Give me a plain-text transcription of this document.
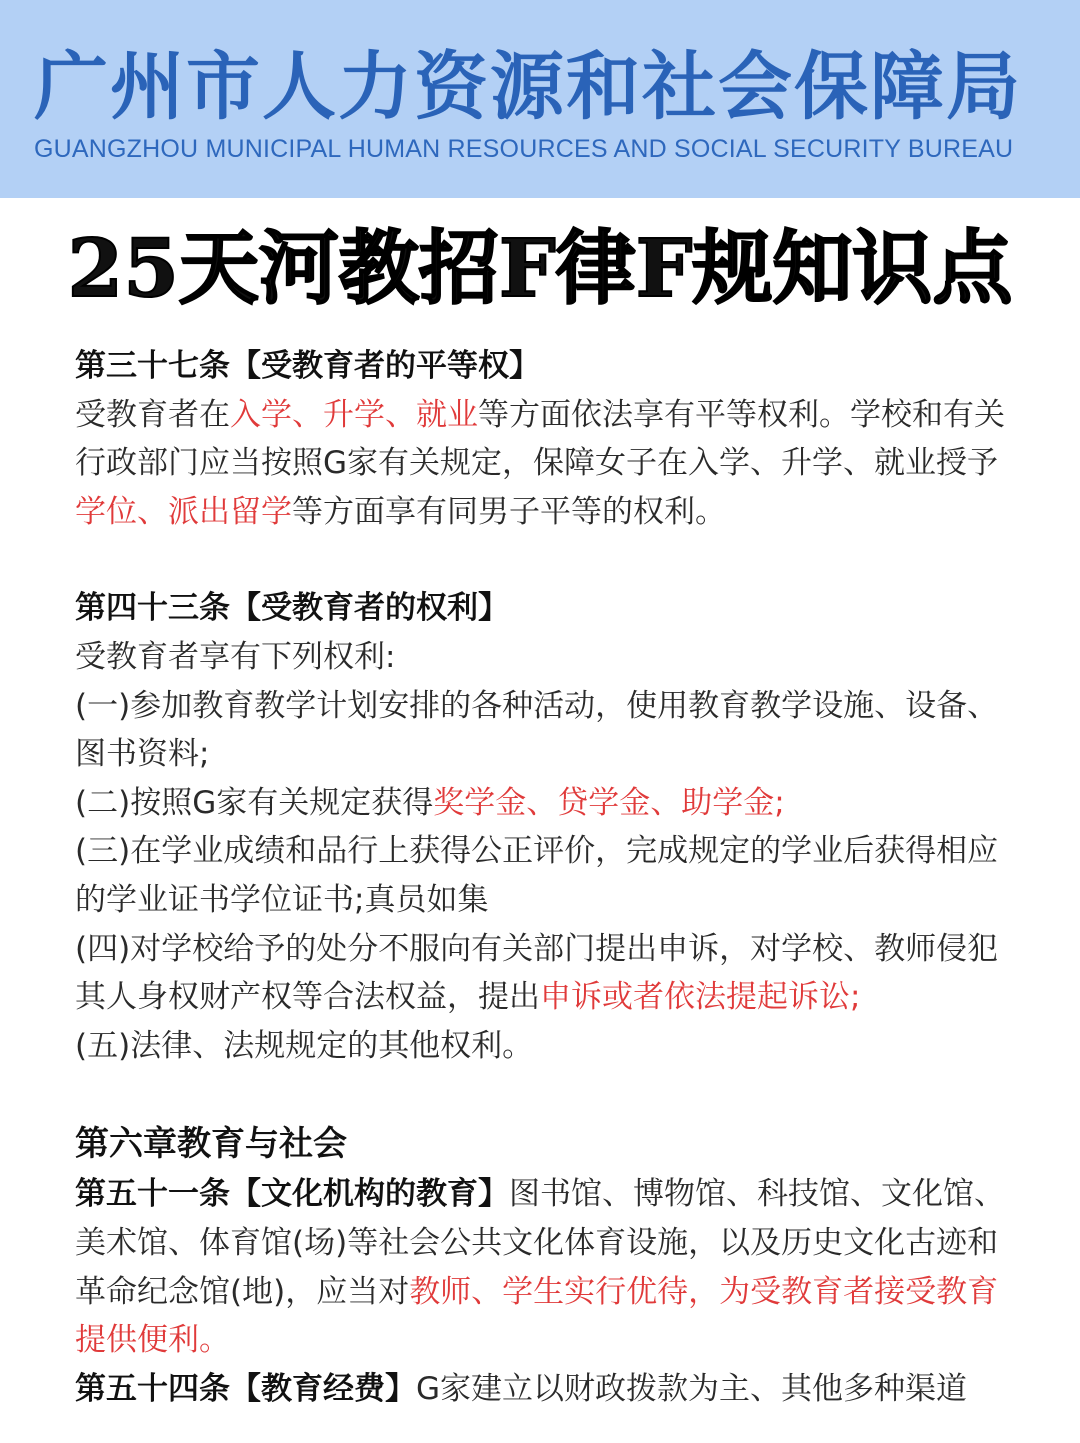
广州市人力资源和社会保障局
GUANGZHOU MUNICIPAL HUMAN RESOURCES AND SOCIAL SECURITY BUREAU
25天河教招F律F规知识点

第三十七条【受教育者的平等权】

受教育者在入学、升学、就业等方面依法享有平等权利。学校和有关行政部门应当按照G家有关规定，保障女子在入学、升学、就业授予学位、派出留学等方面享有同男子平等的权利。

第四十三条【受教育者的权利】

受教育者享有下列权利:

(一)参加教育教学计划安排的各种活动，使用教育教学设施、设备、图书资料;

(二)按照G家有关规定获得奖学金、贷学金、助学金;

(三)在学业成绩和品行上获得公正评价，完成规定的学业后获得相应的学业证书学位证书;真员如集

(四)对学校给予的处分不服向有关部门提出申诉，对学校、教师侵犯其人身权财产权等合法权益，提出申诉或者依法提起诉讼;

(五)法律、法规规定的其他权利。

第六章教育与社会

第五十一条【文化机构的教育】图书馆、博物馆、科技馆、文化馆、美术馆、体育馆(场)等社会公共文化体育设施，以及历史文化古迹和革命纪念馆(地)，应当对教师、学生实行优待，为受教育者接受教育提供便利。

第五十四条【教育经费】G家建立以财政拨款为主、其他多种渠道
